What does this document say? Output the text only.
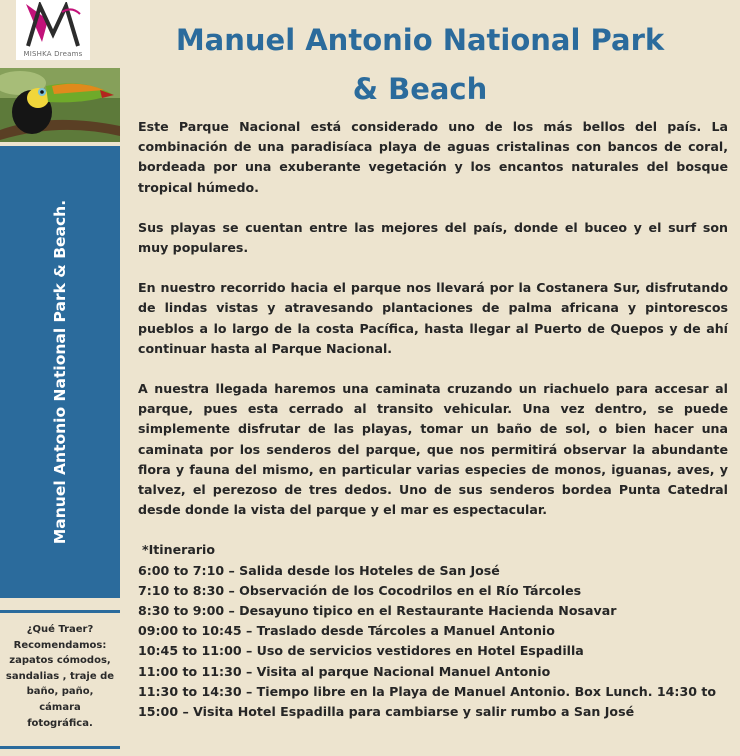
MISHKA Dreams
Manuel Antonio National Park & Beach.
¿Qué Traer?
Recomendamos:
zapatos cómodos,
sandalias , traje de
baño, paño,
cámara
fotográfica.
Manuel Antonio National Park
& Beach

Este Parque Nacional está considerado uno de los más bellos del país. La combinación de una paradisíaca playa de aguas cristalinas con bancos de coral, bordeada por una exuberante vegetación y los encantos naturales del bosque tropical húmedo.

Sus playas se cuentan entre las mejores del país, donde el buceo y el surf son muy populares.

En nuestro recorrido hacia el parque nos llevará por la Costanera Sur, disfrutando de lindas vistas y atravesando plantaciones de palma africana y pintorescos pueblos a lo largo de la costa Pacífica, hasta llegar al Puerto de Quepos y de ahí continuar hasta al Parque Nacional.

A nuestra llegada haremos una caminata cruzando un riachuelo para accesar al parque, pues esta cerrado al transito vehicular. Una vez dentro, se puede simplemente disfrutar de las playas, tomar un baño de sol, o bien hacer una caminata por los senderos del parque, que nos permitirá observar la abundante flora y fauna del mismo, en particular varias especies de monos, iguanas, aves, y talvez, el perezoso de tres dedos. Uno de sus senderos bordea Punta Catedral desde donde la vista del parque y el mar es espectacular.

*Itinerario
6:00 to 7:10 – Salida desde los Hoteles de San José
7:10 to 8:30 – Observación de los Cocodrilos en el Río Tárcoles
8:30 to 9:00 – Desayuno tipico en el Restaurante Hacienda Nosavar
09:00 to 10:45 – Traslado desde Tárcoles a Manuel Antonio
10:45 to 11:00 – Uso de servicios vestidores en Hotel Espadilla
11:00 to 11:30 – Visita al parque Nacional Manuel Antonio
11:30 to 14:30 – Tiempo libre en la Playa de Manuel Antonio. Box Lunch. 14:30 to
15:00 – Visita Hotel Espadilla para cambiarse y salir rumbo a San José
